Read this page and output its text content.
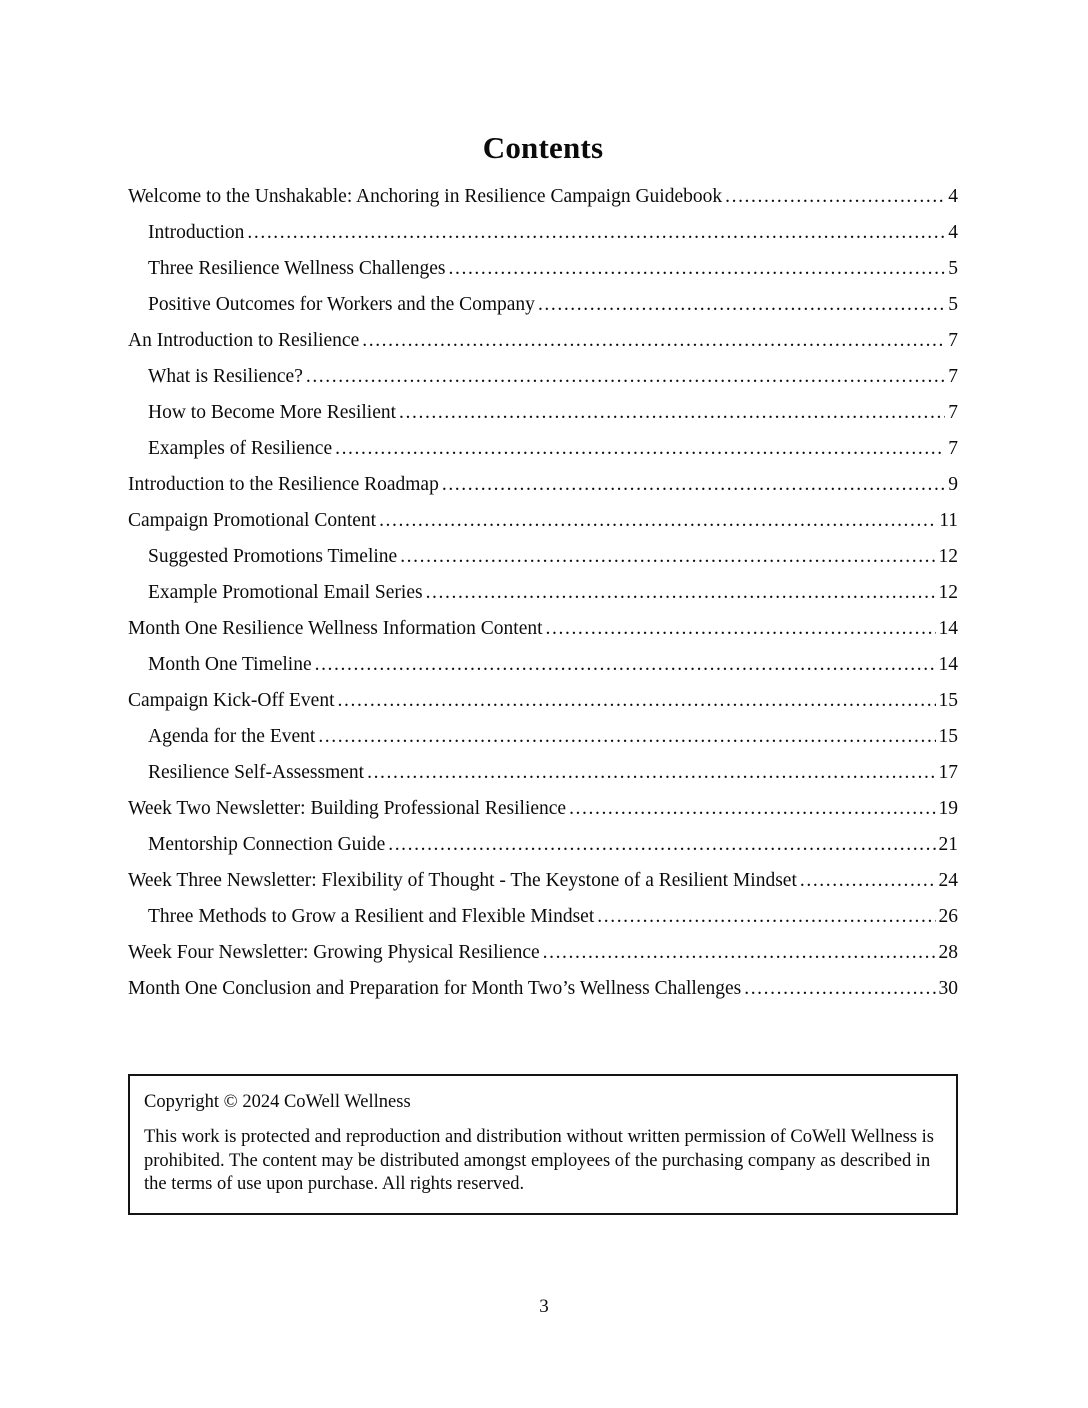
Contents
Welcome to the Unshakable: Anchoring in Resilience Campaign Guidebook .....	4
Introduction .....	4
Three Resilience Wellness Challenges .....	5
Positive Outcomes for Workers and the Company .....	5
An Introduction to Resilience .....	7
What is Resilience? .....	7
How to Become More Resilient .....	7
Examples of Resilience .....	7
Introduction to the Resilience Roadmap .....	9
Campaign Promotional Content .....	11
Suggested Promotions Timeline .....	12
Example Promotional Email Series .....	12
Month One Resilience Wellness Information Content .....	14
Month One Timeline .....	14
Campaign Kick-Off Event .....	15
Agenda for the Event .....	15
Resilience Self-Assessment .....	17
Week Two Newsletter: Building Professional Resilience .....	19
Mentorship Connection Guide .....	21
Week Three Newsletter: Flexibility of Thought - The Keystone of a Resilient Mindset .....	24
Three Methods to Grow a Resilient and Flexible Mindset .....	26
Week Four Newsletter: Growing Physical Resilience .....	28
Month One Conclusion and Preparation for Month Two’s Wellness Challenges .....	30

Copyright © 2024 CoWell Wellness

This work is protected and reproduction and distribution without written permission of CoWell Wellness is prohibited. The content may be distributed amongst employees of the purchasing company as described in the terms of use upon purchase. All rights reserved.

3
